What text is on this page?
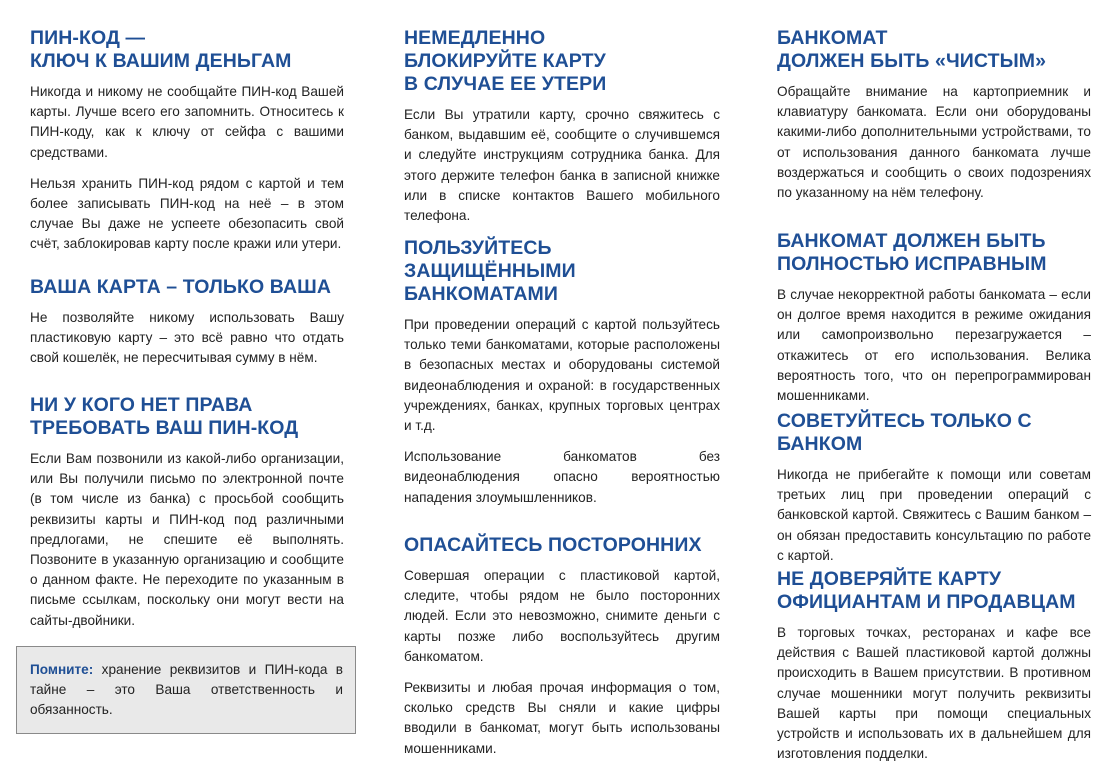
ПИН-КОД —
КЛЮЧ К ВАШИМ ДЕНЬГАМ

Никогда и никому не сообщайте ПИН-код Вашей карты. Лучше всего его запомнить. Относитесь к ПИН-коду, как к ключу от сейфа с вашими средствами.

Нельзя хранить ПИН-код рядом с картой и тем более записывать ПИН-код на неё – в этом случае Вы даже не успеете обезопасить свой счёт, заблокировав карту после кражи или утери.

ВАША КАРТА – ТОЛЬКО ВАША

Не позволяйте никому использовать Вашу пластиковую карту – это всё равно что отдать свой кошелёк, не пересчитывая сумму в нём.

НИ У КОГО НЕТ ПРАВА
ТРЕБОВАТЬ ВАШ ПИН-КОД

Если Вам позвонили из какой-либо организации, или Вы получили письмо по электронной почте (в том числе из банка) с просьбой сообщить реквизиты карты и ПИН-код под различными предлогами, не спешите её выполнять. Позвоните в указанную организацию и сообщите о данном факте. Не переходите по указанным в письме ссылкам, поскольку они могут вести на сайты-двойники.

Помните: хранение реквизитов и ПИН-кода в тайне – это Ваша ответственность и обязанность.

НЕМЕДЛЕННО
БЛОКИРУЙТЕ КАРТУ
В СЛУЧАЕ ЕЕ УТЕРИ

Если Вы утратили карту, срочно свяжитесь с банком, выдавшим её, сообщите о случившемся и следуйте инструкциям сотрудника банка. Для этого держите телефон банка в записной книжке или в списке контактов Вашего мобильного телефона.

ПОЛЬЗУЙТЕСЬ
ЗАЩИЩЁННЫМИ
БАНКОМАТАМИ

При проведении операций с картой пользуйтесь только теми банкоматами, которые расположены в безопасных местах и оборудованы системой видеонаблюдения и охраной: в государственных учреждениях, банках, крупных торговых центрах и т.д.

Использование банкоматов без видеонаблюдения опасно вероятностью нападения злоумышленников.

ОПАСАЙТЕСЬ ПОСТОРОННИХ

Совершая операции с пластиковой картой, следите, чтобы рядом не было посторонних людей. Если это невозможно, снимите деньги с карты позже либо воспользуйтесь другим банкоматом.

Реквизиты и любая прочая информация о том, сколько средств Вы сняли и какие цифры вводили в банкомат, могут быть использованы мошенниками.

БАНКОМАТ
ДОЛЖЕН БЫТЬ «ЧИСТЫМ»

Обращайте внимание на картоприемник и клавиатуру банкомата. Если они оборудованы какими-либо дополнительными устройствами, то от использования данного банкомата лучше воздержаться и сообщить о своих подозрениях по указанному на нём телефону.

БАНКОМАТ ДОЛЖЕН БЫТЬ
ПОЛНОСТЬЮ ИСПРАВНЫМ

В случае некорректной работы банкомата – если он долгое время находится в режиме ожидания или самопроизвольно перезагружается – откажитесь от его использования. Велика вероятность того, что он перепрограммирован мошенниками.

СОВЕТУЙТЕСЬ ТОЛЬКО С БАНКОМ

Никогда не прибегайте к помощи или советам третьих лиц при проведении операций с банковской картой. Свяжитесь с Вашим банком – он обязан предоставить консультацию по работе с картой.

НЕ ДОВЕРЯЙТЕ КАРТУ
ОФИЦИАНТАМ И ПРОДАВЦАМ

В торговых точках, ресторанах и кафе все действия с Вашей пластиковой картой должны происходить в Вашем присутствии. В противном случае мошенники могут получить реквизиты Вашей карты при помощи специальных устройств и использовать их в дальнейшем для изготовления подделки.
